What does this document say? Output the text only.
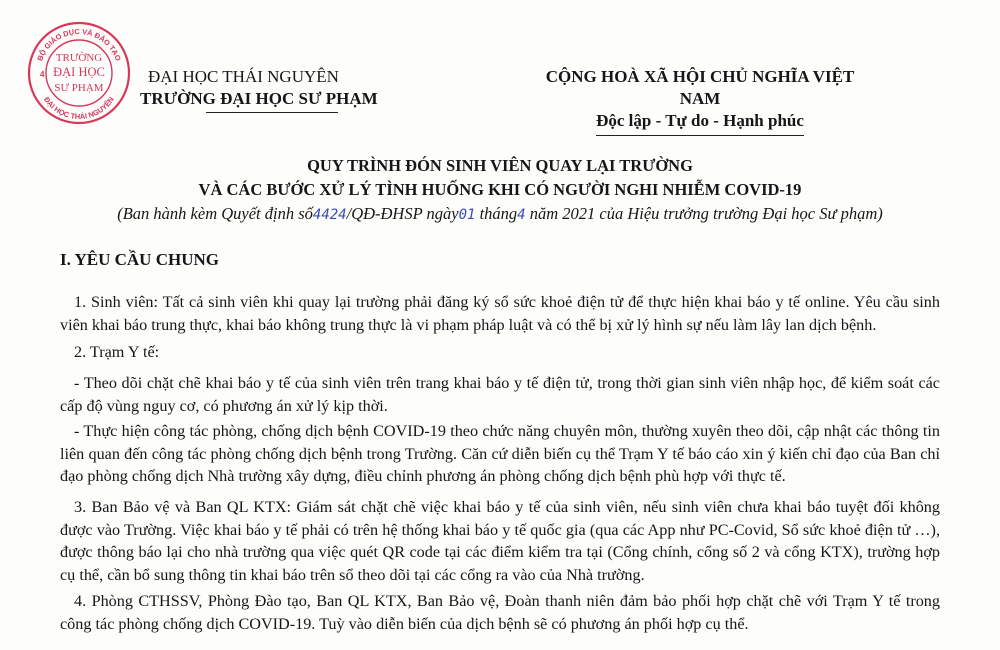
BỘ GIÁO DỤC VÀ ĐÀO TẠO
ĐẠI HỌC THÁI NGUYÊN
4
TRƯỜNG
ĐẠI HỌC
SƯ PHẠM
ĐẠI HỌC THÁI NGUYÊN
TRƯỜNG ĐẠI HỌC SƯ PHẠM
CỘNG HOÀ XÃ HỘI CHỦ NGHĨA VIỆT NAM
Độc lập - Tự do - Hạnh phúc
QUY TRÌNH ĐÓN SINH VIÊN QUAY LẠI TRƯỜNG
VÀ CÁC BƯỚC XỬ LÝ TÌNH HUỐNG KHI CÓ NGƯỜI NGHI NHIỄM COVID-19
(Ban hành kèm Quyết định số4424/QĐ-ĐHSP ngày01 tháng4 năm 2021 của Hiệu trưởng trường Đại học Sư phạm)
I. YÊU CẦU CHUNG
1. Sinh viên: Tất cả sinh viên khi quay lại trường phải đăng ký sổ sức khoẻ điện tử để thực hiện khai báo y tế online. Yêu cầu sinh viên khai báo trung thực, khai báo không trung thực là vi phạm pháp luật và có thể bị xử lý hình sự nếu làm lây lan dịch bệnh.
2. Trạm Y tế:
- Theo dõi chặt chẽ khai báo y tế của sinh viên trên trang khai báo y tế điện tử, trong thời gian sinh viên nhập học, để kiểm soát các cấp độ vùng nguy cơ, có phương án xử lý kịp thời.
- Thực hiện công tác phòng, chống dịch bệnh COVID-19 theo chức năng chuyên môn, thường xuyên theo dõi, cập nhật các thông tin liên quan đến công tác phòng chống dịch bệnh trong Trường. Căn cứ diễn biến cụ thể Trạm Y tế báo cáo xin ý kiến chỉ đạo của Ban chỉ đạo phòng chống dịch Nhà trường xây dựng, điều chỉnh phương án phòng chống dịch bệnh phù hợp với thực tế.
3. Ban Bảo vệ và Ban QL KTX: Giám sát chặt chẽ việc khai báo y tế của sinh viên, nếu sinh viên chưa khai báo tuyệt đối không được vào Trường. Việc khai báo y tế phải có trên hệ thống khai báo y tế quốc gia (qua các App như PC-Covid, Sổ sức khoẻ điện tử …), được thông báo lại cho nhà trường qua việc quét QR code tại các điểm kiểm tra tại (Cổng chính, cổng số 2 và cổng KTX), trường hợp cụ thể, cần bổ sung thông tin khai báo trên sổ theo dõi tại các cổng ra vào của Nhà trường.
4. Phòng CTHSSV, Phòng Đào tạo, Ban QL KTX, Ban Bảo vệ, Đoàn thanh niên đảm bảo phối hợp chặt chẽ với Trạm Y tế trong công tác phòng chống dịch COVID-19. Tuỳ vào diễn biến của dịch bệnh sẽ có phương án phối hợp cụ thể.
